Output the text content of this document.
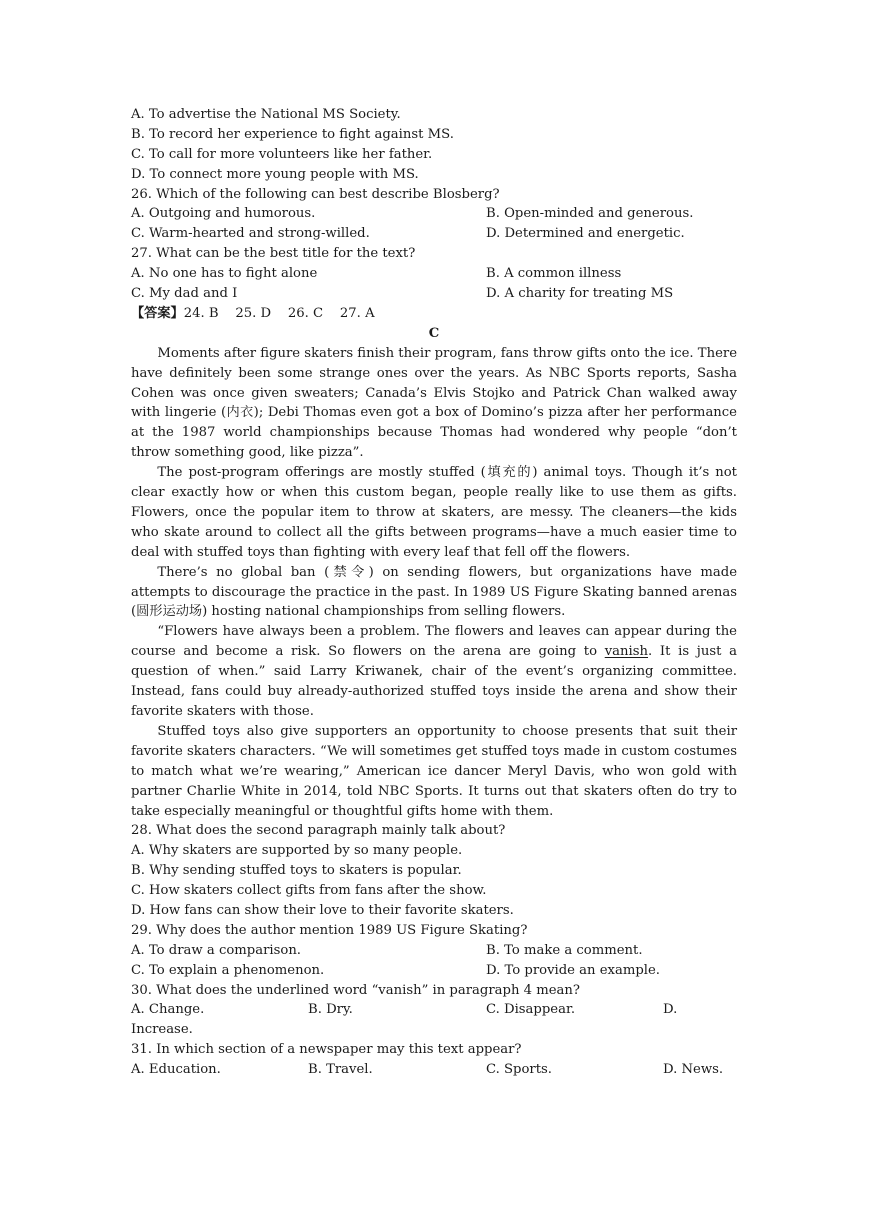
A. To advertise the National MS Society.
B. To record her experience to fight against MS.
C. To call for more volunteers like her father.
D. To connect more young people with MS.
26. Which of the following can best describe Blosberg?
A. Outgoing and humorous.	B. Open-minded and generous.
C. Warm-hearted and strong-willed.	D. Determined and energetic.
27. What can be the best title for the text?
A. No one has to fight alone	B. A common illness
C. My dad and I	D. A charity for treating MS
【答案】24. B    25. D    26. C    27. A
C

Moments after figure skaters finish their program, fans throw gifts onto the ice. There have definitely been some strange ones over the years. As NBC Sports reports, Sasha Cohen was once given sweaters; Canada’s Elvis Stojko and Patrick Chan walked away with lingerie (内衣); Debi Thomas even got a box of Domino’s pizza after her performance at the 1987 world championships because Thomas had wondered why people “don’t throw something good, like pizza”.

The post-program offerings are mostly stuffed (填充的) animal toys. Though it’s not clear exactly how or when this custom began, people really like to use them as gifts. Flowers, once the popular item to throw at skaters, are messy. The cleaners—the kids who skate around to collect all the gifts between programs—have a much easier time to deal with stuffed toys than fighting with every leaf that fell off the flowers.

There’s no global ban (禁令) on sending flowers, but organizations have made attempts to discourage the practice in the past. In 1989 US Figure Skating banned arenas (圆形运动场) hosting national championships from selling flowers.

“Flowers have always been a problem. The flowers and leaves can appear during the course and become a risk. So flowers on the arena are going to vanish. It is just a question of when.” said Larry Kriwanek, chair of the event’s organizing committee. Instead, fans could buy already-authorized stuffed toys inside the arena and show their favorite skaters with those.

Stuffed toys also give supporters an opportunity to choose presents that suit their favorite skaters characters. “We will sometimes get stuffed toys made in custom costumes to match what we’re wearing,” American ice dancer Meryl Davis, who won gold with partner Charlie White in 2014, told NBC Sports. It turns out that skaters often do try to take especially meaningful or thoughtful gifts home with them.

28. What does the second paragraph mainly talk about?
A. Why skaters are supported by so many people.
B. Why sending stuffed toys to skaters is popular.
C. How skaters collect gifts from fans after the show.
D. How fans can show their love to their favorite skaters.
29. Why does the author mention 1989 US Figure Skating?
A. To draw a comparison.	B. To make a comment.
C. To explain a phenomenon.	D. To provide an example.
30. What does the underlined word “vanish” in paragraph 4 mean?
A. Change.	B. Dry.	C. Disappear.	D.
Increase.
31. In which section of a newspaper may this text appear?
A. Education.	B. Travel.	C. Sports.	D. News.
